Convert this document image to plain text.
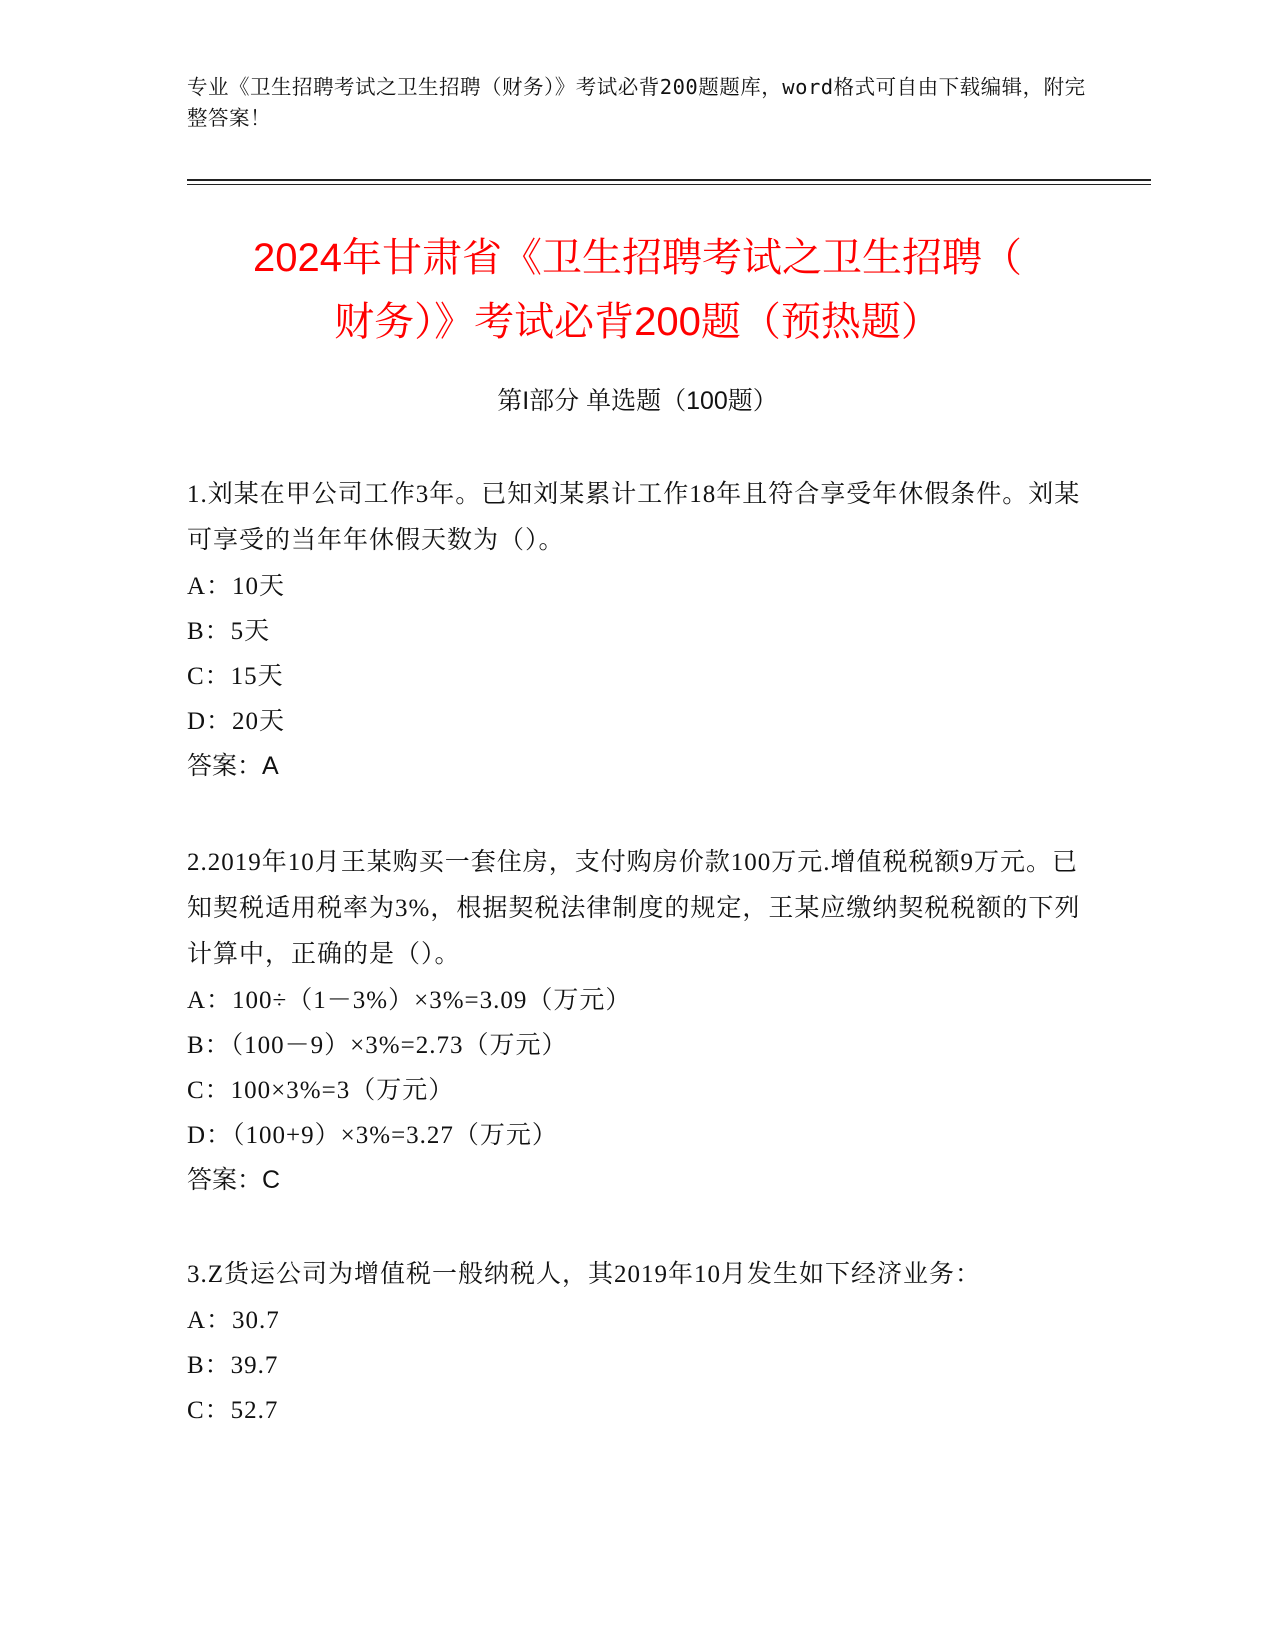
专业《卫生招聘考试之卫生招聘（财务）》考试必背200题题库，word格式可自由下载编辑，附完整答案！
2024年甘肃省《卫生招聘考试之卫生招聘（
财务）》考试必背200题（预热题）
第I部分 单选题（100题）
1.刘某在甲公司工作3年。已知刘某累计工作18年且符合享受年休假条件。刘某可享受的当年年休假天数为（）。
A：10天
B：5天
C：15天
D：20天
答案：A
2.2019年10月王某购买一套住房，支付购房价款100万元.增值税税额9万元。已知契税适用税率为3%，根据契税法律制度的规定，王某应缴纳契税税额的下列计算中，正确的是（）。
A：100÷（1－3%）×3%=3.09（万元）
B：（100－9）×3%=2.73（万元）
C：100×3%=3（万元）
D：（100+9）×3%=3.27（万元）
答案：C
3.Z货运公司为增值税一般纳税人，其2019年10月发生如下经济业务：
A：30.7
B：39.7
C：52.7
